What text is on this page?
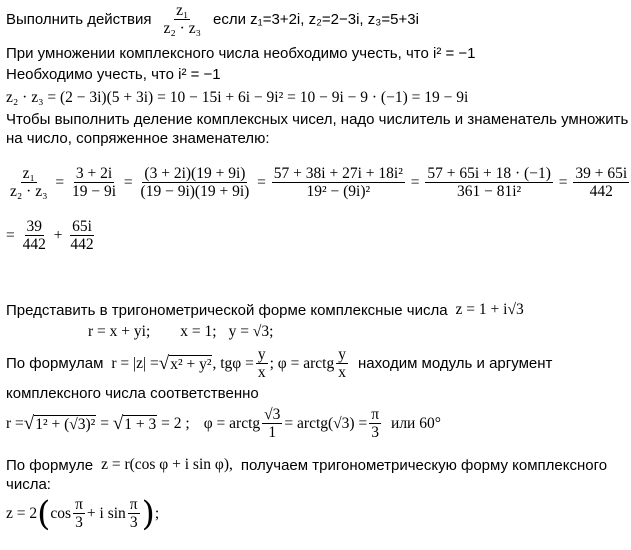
Выполнить действия $\frac{\text{z₁}}{\text{z₂ · z₃}}$ если z₁=3+2i, z₂=2−3i, z₃=5+3i
При умножении комплексного числа необходимо учесть, что i² = −1
Необходимо учесть, что i² = −1
z₂ · z₃ = (2 − 3i)(5 + 3i) = 10 − 15i + 6i − 9i² = 10 − 9i − 9 · (−1) = 19 − 9i
Чтобы выполнить деление комплексных чисел, надо числитель и знаменатель умножить
на число, сопряженное знаменателю:
$\frac{\text{z₁}}{\text{z₂ · z₃}} = \frac{3 + 2i}{19 - 9i} = \frac{(3 + 2i)(19 + 9i)}{(19 - 9i)(19 + 9i)} = \frac{\text{57 + 38i + 27i + 18i²}}{\text{19² − (9i)²}} = \frac{57 + 65i + 18 \cdot (-1)}{\text{361 − 81i²}} = \frac{39 + 65i}{442}$
= $\frac{39}{442} + \frac{65i}{442}$
Представить в тригонометрической форме комплексные числа z = 1 + i√3
r = x + yi; x = 1; y = √3;
По формулам r = |z| = √ x² + y² , $tg\varphi = \frac{y}{x}$ ; φ = arctg $\frac{y}{x}$ находим модуль и аргумент
комплексного числа соответственно
r = √ 1² + (√3)²
=
√ 1 + 3
= 2 ; φ = arctg $\frac{√3}{1}$ = arctg(√3) = $\frac{\pi}{3}$ или 60°
По формуле z = r(cos φ + i sin φ), получаем тригонометрическую форму комплексного
числа:
z = 2 ( $\cos \frac{\pi}{3} + i$ $\sin \frac{\pi}{3}$ ) ;
